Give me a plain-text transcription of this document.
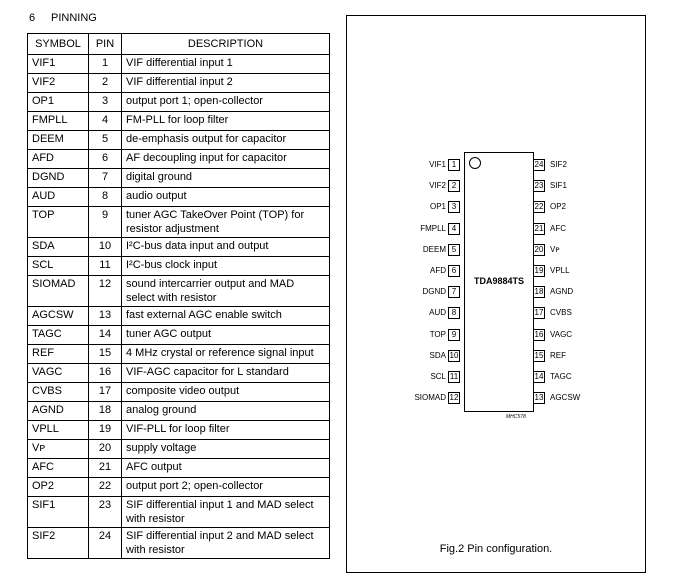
6 PINNING
SYMBOL	PIN	DESCRIPTION
VIF1	1	VIF differential input 1
VIF2	2	VIF differential input 2
OP1	3	output port 1; open-collector
FMPLL	4	FM-PLL for loop filter
DEEM	5	de-emphasis output for capacitor
AFD	6	AF decoupling input for capacitor
DGND	7	digital ground
AUD	8	audio output
TOP	9	tuner AGC TakeOver Point (TOP) for resistor adjustment
SDA	10	I²C-bus data input and output
SCL	11	I²C-bus clock input
SIOMAD	12	sound intercarrier output and MAD select with resistor
AGCSW	13	fast external AGC enable switch
TAGC	14	tuner AGC output
REF	15	4 MHz crystal or reference signal input
VAGC	16	VIF-AGC capacitor for L standard
CVBS	17	composite video output
AGND	18	analog ground
VPLL	19	VIF-PLL for loop filter
Vᴘ	20	supply voltage
AFC	21	AFC output
OP2	22	output port 2; open-collector
SIF1	23	SIF differential input 1 and MAD select with resistor
SIF2	24	SIF differential input 2 and MAD select with resistor
TDA9884TS
1
VIF1
2
VIF2
3
OP1
4
FMPLL
5
DEEM
6
AFD
7
DGND
8
AUD
9
TOP
10
SDA
11
SCL
12
SIOMAD
24 SIF2
23 SIF1
22 OP2
21 AFC
20 Vᴘ
19 VPLL
18 AGND
17 CVBS
16 VAGC
15 REF
14 TAGC
13 AGCSW
MHC578
Fig.2 Pin configuration.
